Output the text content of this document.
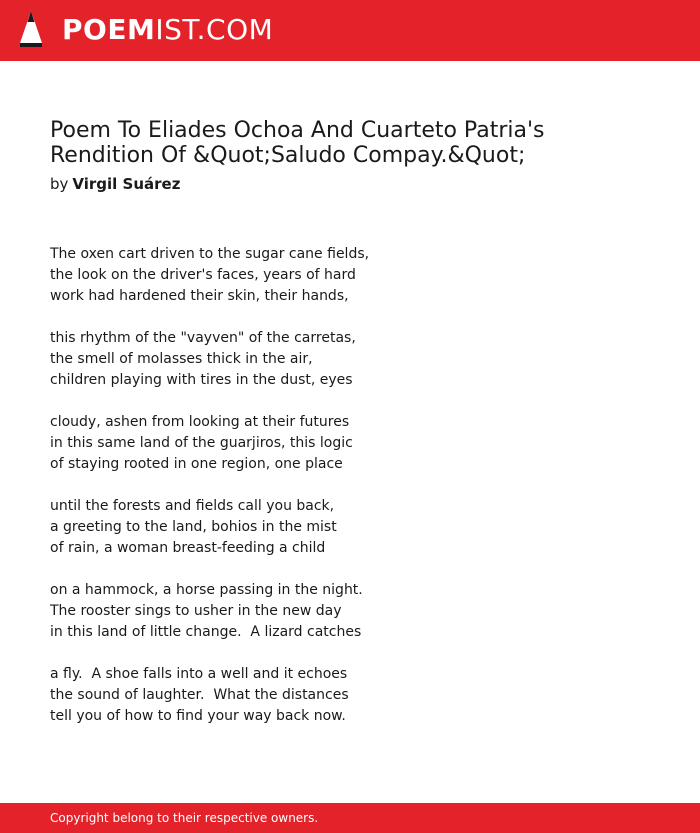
POEMIST.COM
Poem To Eliades Ochoa And Cuarteto Patria's Rendition Of &Quot;Saludo Compay.&Quot;
by Virgil Suárez
The oxen cart driven to the sugar cane fields,
the look on the driver's faces, years of hard
work had hardened their skin, their hands,
this rhythm of the "vayven" of the carretas,
the smell of molasses thick in the air,
children playing with tires in the dust, eyes
cloudy, ashen from looking at their futures
in this same land of the guarjiros, this logic
of staying rooted in one region, one place
until the forests and fields call you back,
a greeting to the land, bohios in the mist
of rain, a woman breast-feeding a child
on a hammock, a horse passing in the night.
The rooster sings to usher in the new day
in this land of little change.  A lizard catches
a fly.  A shoe falls into a well and it echoes
the sound of laughter.  What the distances
tell you of how to find your way back now.
Copyright belong to their respective owners.
